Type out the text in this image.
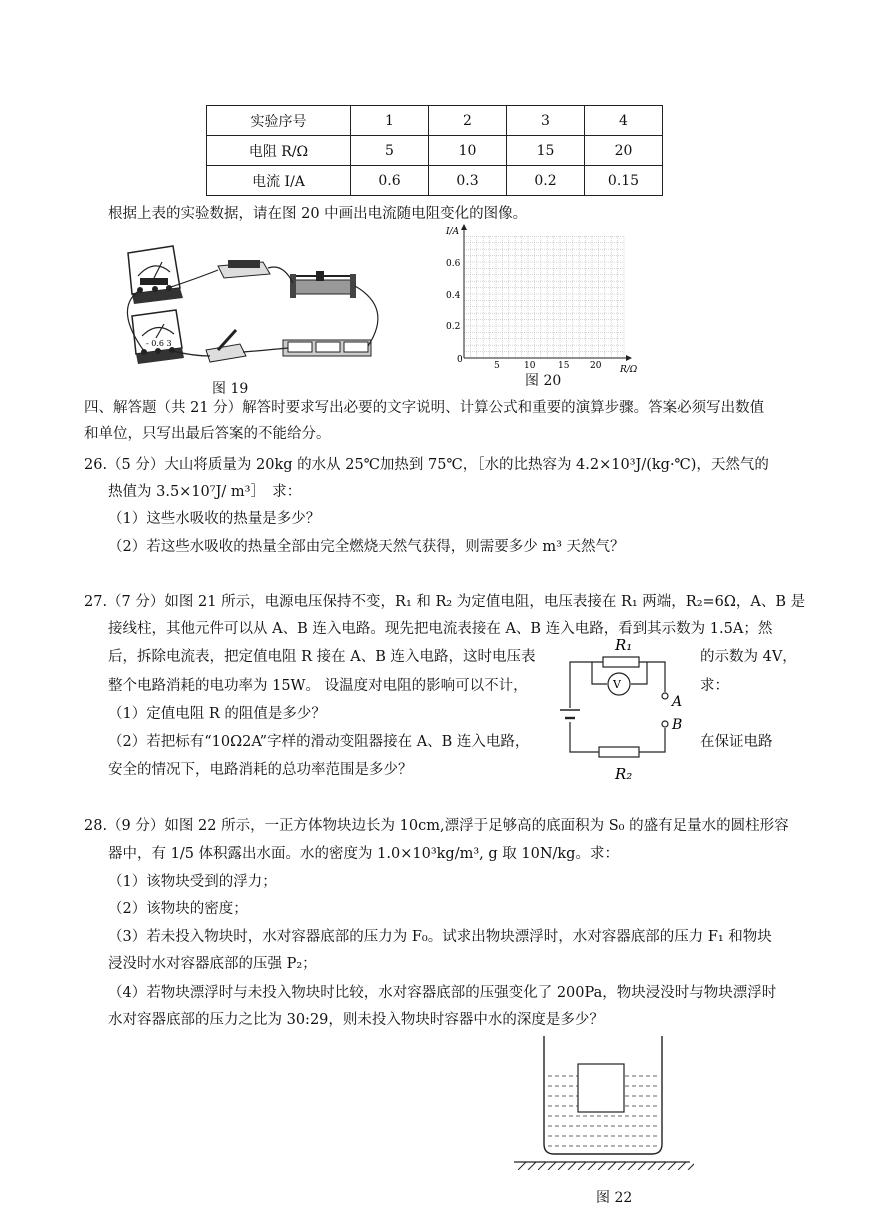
实验序号	1	2	3	4
电阻 R/Ω	5	10	15	20
电流 I/A	0.6	0.3	0.2	0.15
根据上表的实验数据，请在图 20 中画出电流随电阻变化的图像。
- 0.6 3
图 19
I/A
R/Ω
0
0.2
0.4
0.6
5	10	15 20
图 20
四、解答题（共 21 分）解答时要求写出必要的文字说明、计算公式和重要的演算步骤。答案必须写出数值
和单位，只写出最后答案的不能给分。
26.（5 分）大山将质量为 20kg 的水从 25℃加热到 75℃，［水的比热容为 4.2×10³J/(kg·℃)，天然气的
热值为 3.5×10⁷J/ m³］　求：
（1）这些水吸收的热量是多少？
（2）若这些水吸收的热量全部由完全燃烧天然气获得，则需要多少 m³ 天然气？
27.（7 分）如图 21 所示，电源电压保持不变，R₁ 和 R₂ 为定值电阻，电压表接在 R₁ 两端，R₂=6Ω，A、B 是
接线柱，其他元件可以从 A、B 连入电路。现先把电流表接在 A、B 连入电路，看到其示数为 1.5A；然
后，拆除电流表，把定值电阻 R 接在 A、B 连入电路，这时电压表	的示数为 4V，
整个电路消耗的电功率为 15W。 设温度对电阻的影响可以不计，	求：
（1）定值电阻 R 的阻值是多少？
（2）若把标有“10Ω2A”字样的滑动变阻器接在 A、B 连入电路，	在保证电路
安全的情况下，电路消耗的总功率范围是多少？
R₁
V
A
B
R₂
28.（9 分）如图 22 所示，一正方体物块边长为 10cm,漂浮于足够高的底面积为 S₀ 的盛有足量水的圆柱形容
器中，有 1/5 体积露出水面。水的密度为 1.0×10³kg/m³, g 取 10N/kg。求：
（1）该物块受到的浮力；
（2）该物块的密度；
（3）若未投入物块时，水对容器底部的压力为 F₀。试求出物块漂浮时，水对容器底部的压力 F₁ 和物块
浸没时水对容器底部的压强 P₂；
（4）若物块漂浮时与未投入物块时比较，水对容器底部的压强变化了 200Pa，物块浸没时与物块漂浮时
水对容器底部的压力之比为 30:29，则未投入物块时容器中水的深度是多少？
图 22
